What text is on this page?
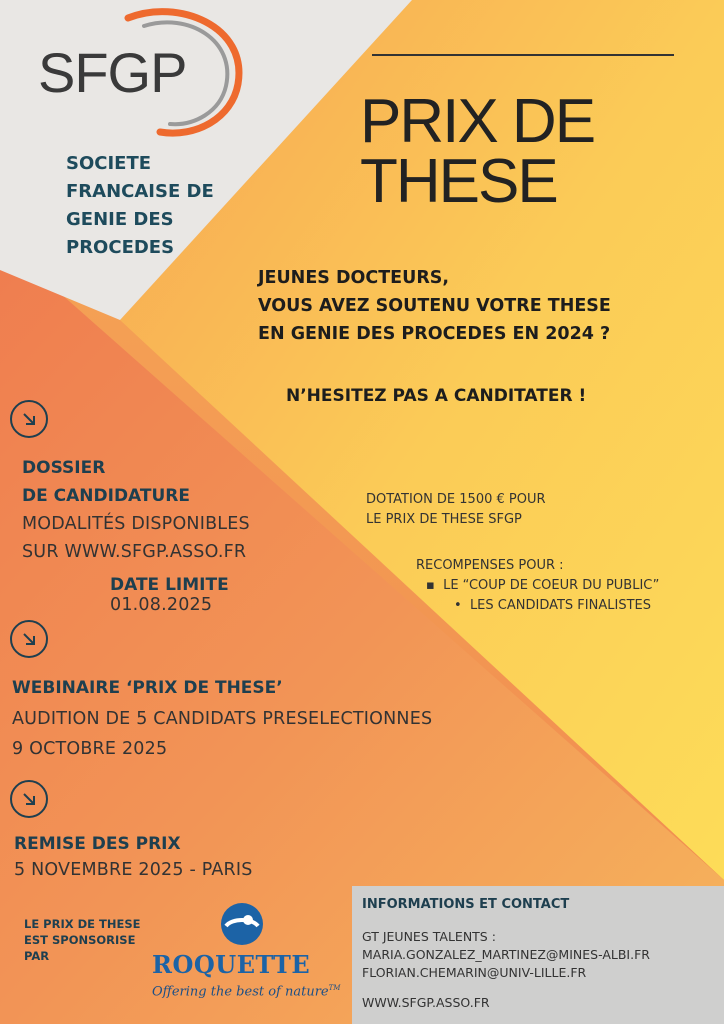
SFGP
SOCIETE
FRANCAISE DE
GENIE DES
PROCEDES
PRIX DE
THESE
JEUNES DOCTEURS,
VOUS AVEZ SOUTENU VOTRE THESE
EN GENIE DES PROCEDES EN 2024 ?
N’HESITEZ PAS A CANDITATER !
DOSSIER
DE CANDIDATURE
MODALITÉS DISPONIBLES
SUR WWW.SFGP.ASSO.FR
DATE LIMITE
01.08.2025
DOTATION DE 1500 € POUR
LE PRIX DE THESE SFGP
RECOMPENSES POUR :
▪  LE “COUP DE COEUR DU PUBLIC”
•  LES CANDIDATS FINALISTES
WEBINAIRE ‘PRIX DE THESE’
AUDITION DE 5 CANDIDATS PRESELECTIONNES
9 OCTOBRE 2025
REMISE DES PRIX
5 NOVEMBRE 2025 - PARIS
LE PRIX DE THESE
EST SPONSORISE
PAR	ROQUETTE
Offering the best of nature™
INFORMATIONS ET CONTACT
GT JEUNES TALENTS :
MARIA.GONZALEZ_MARTINEZ@MINES-ALBI.FR
FLORIAN.CHEMARIN@UNIV-LILLE.FR
WWW.SFGP.ASSO.FR
